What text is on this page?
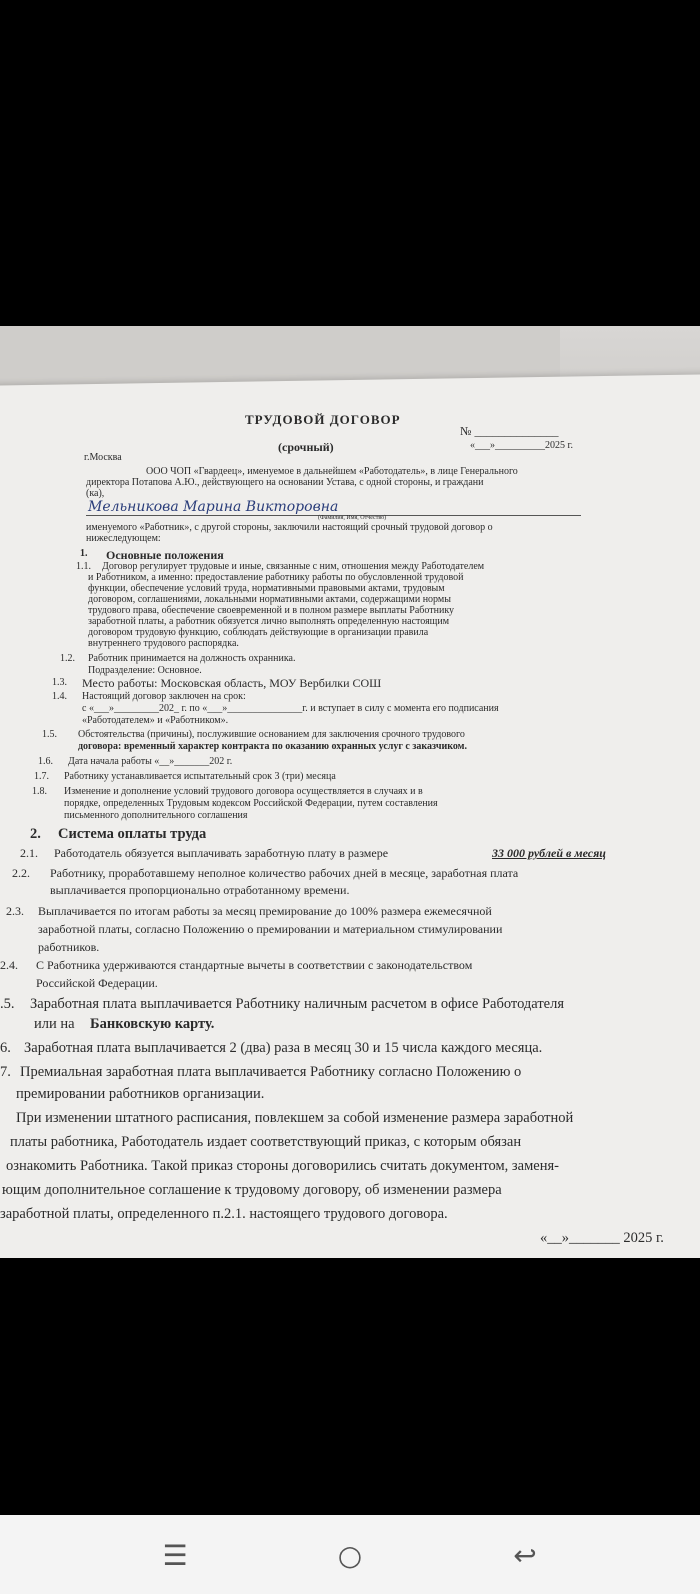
ТРУДОВОЙ ДОГОВОР
(срочный)
№ ______________
«___»__________2025 г.
г.Москва
ООО ЧОП «Гвардеец», именуемое в дальнейшем «Работодатель», в лице Генерального
директора Потапова А.Ю., действующего на основании Устава, с одной стороны, и граждани
(ка),
Мельникова Марина Викторовна
(Фамилия, Имя, Отчество)
именуемого «Работник», с другой стороны, заключили настоящий срочный трудовой договор о
нижеследующем:
1. Основные положения
1.1. Договор регулирует трудовые и иные, связанные с ним, отношения между Работодателем
и Работником, а именно: предоставление работнику работы по обусловленной трудовой
функции, обеспечение условий труда, нормативными правовыми актами, трудовым
договором, соглашениями, локальными нормативными актами, содержащими нормы
трудового права, обеспечение своевременной и в полном размере выплаты Работнику
заработной платы, а работник обязуется лично выполнять определенную настоящим
договором трудовую функцию, соблюдать действующие в организации правила
внутреннего трудового распорядка.
1.2. Работник принимается на должность охранника.
Подразделение: Основное.
1.3. Место работы: Московская область, МОУ Вербилки СОШ
1.4. Настоящий договор заключен на срок:
с «___»_________202_ г. по «___»_______________г. и вступает в силу с момента его подписания
«Работодателем» и «Работником».
1.5. Обстоятельства (причины), послужившие основанием для заключения срочного трудового
договора: временный характер контракта по оказанию охранных услуг с заказчиком.
1.6. Дата начала работы «__»_______202 г.
1.7. Работнику устанавливается испытательный срок 3 (три) месяца
1.8. Изменение и дополнение условий трудового договора осуществляется в случаях и в
порядке, определенных Трудовым кодексом Российской Федерации, путем составления
письменного дополнительного соглашения
2. Система оплаты труда
2.1. Работодатель обязуется выплачивать заработную плату в размере	33 000 рублей в месяц
2.2. Работнику, проработавшему неполное количество рабочих дней в месяце, заработная плата
выплачивается пропорционально отработанному времени.
2.3. Выплачивается по итогам работы за месяц премирование до 100% размера ежемесячной
заработной платы, согласно Положению о премировании и материальном стимулировании
работников.
2.4. С Работника удерживаются стандартные вычеты в соответствии с законодательством
Российской Федерации.
.5. Заработная плата выплачивается Работнику наличным расчетом в офисе Работодателя
или на Банковскую карту.
6. Заработная плата выплачивается 2 (два) раза в месяц 30 и 15 числа каждого месяца.
7. Премиальная заработная плата выплачивается Работнику согласно Положению о
премировании работников организации.
При изменении штатного расписания, повлекшем за собой изменение размера заработной
платы работника, Работодатель издает соответствующий приказ, с которым обязан
ознакомить Работника. Такой приказ стороны договорились считать документом, заменя-
ющим дополнительное соглашение к трудовому договору, об изменении размера
заработной платы, определенного п.2.1. настоящего трудового договора.
«__»_______ 2025 г.
☰	○	↩
